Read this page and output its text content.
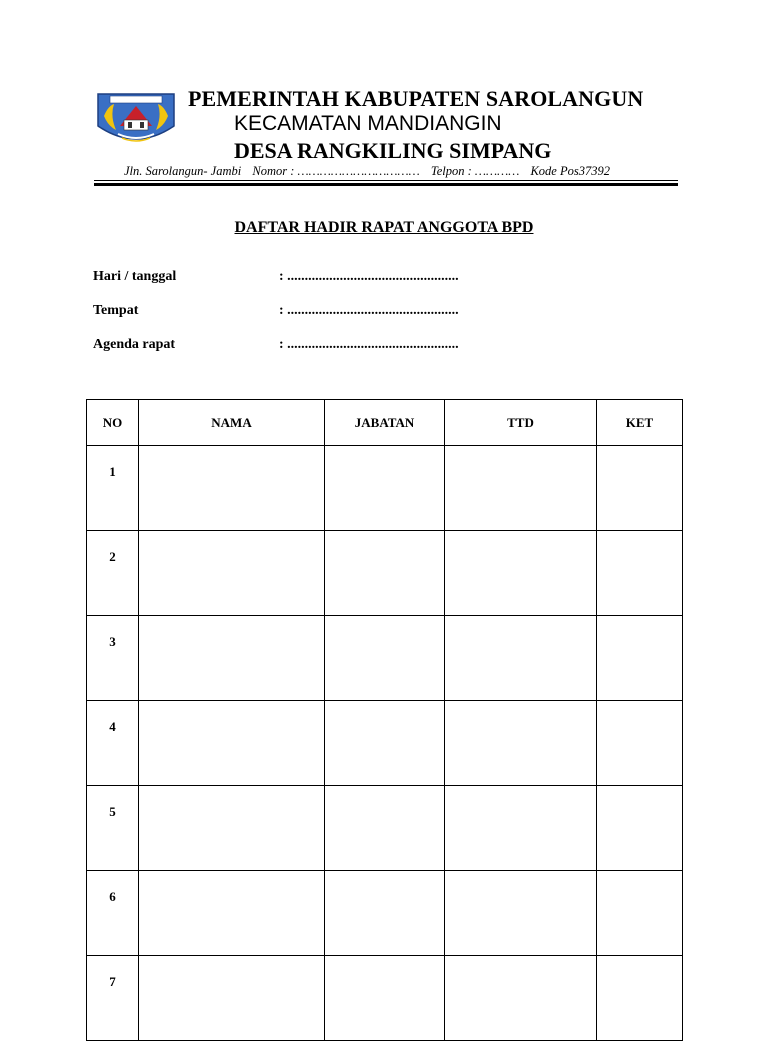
PEMERINTAH KABUPATEN SAROLANGUN
KECAMATAN MANDIANGIN
DESA RANGKILING SIMPANG
Jln. Sarolangun- Jambi Nomor : …………………………… Telpon : ………… Kode Pos37392
DAFTAR HADIR RAPAT ANGGOTA BPD
Hari / tanggal	: .................................................
Tempat	: .................................................
Agenda rapat	: .................................................
NO	NAMA	JABATAN	TTD	KET
1				
2				
3				
4				
5				
6				
7				
